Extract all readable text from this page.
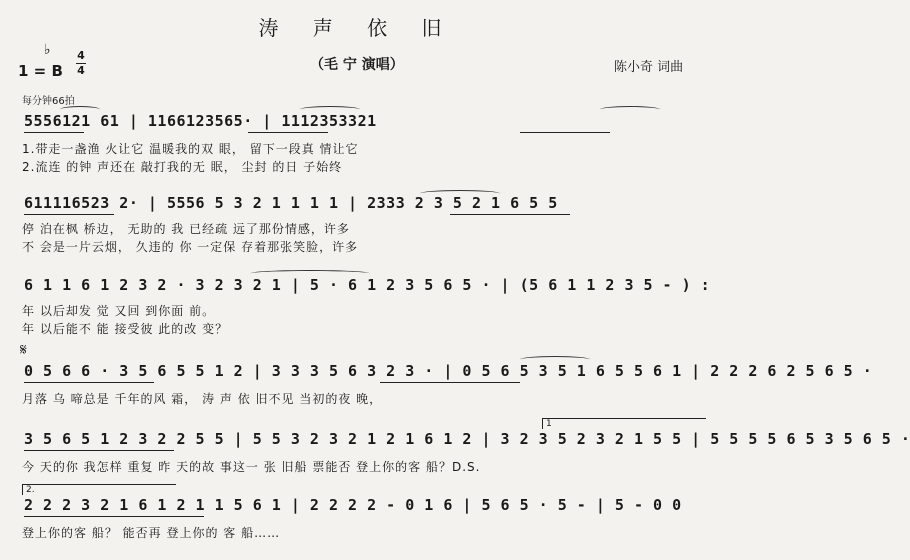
涛 声 依 旧
♭
1 = B
4
4	（毛 宁 演唱）	陈小奇 词曲
每分钟66拍
5556121 61 | 1166123565· | 1112353321
1.带走一盏渔 火让它 温暖我的双 眼， 留下一段真 情让它
2.流连 的钟 声还在 敲打我的无 眠， 尘封 的日 子始终
611116523 2· | 5556 5 3 2 1 1 1 1 | 2333 2 3 5 2 1 6 5 5
停 泊在枫 桥边， 无助的 我 已经疏 远了那份情感，许多
不 会是一片云烟， 久违的 你 一定保 存着那张笑脸，许多
6 1 1 6 1 2 3 2 · 3 2 3 2 1 | 5 · 6 1 2 3 5 6 5 · | (5 6 1 1 2 3 5 - ) :
年 以后却发 觉 又回 到你面 前。
年 以后能不 能 接受彼 此的改 变？
𝄋
0 5 6 6 · 3 5 6 5 5 1 2 | 3 3 3 5 6 3 2 3 · | 0 5 6 5 3 5 1 6 5 5 6 1 | 2 2 2 6 2 5 6 5 ·
月落 乌 啼总是 千年的风 霜， 涛 声 依 旧不见 当初的夜 晚，
1
3 5 6 5 1 2 3 2 2 5 5 | 5 5 3 2 3 2 1 2 1 6 1 2 | 3 2 3 5 2 3 2 1 5 5 | 5 5 5 5 6 5 3 5 6 5 ·
今 天的你 我怎样 重复 昨 天的故 事这一 张 旧船 票能否 登上你的客 船？D.S.
2.
2 2 2 3 2 1 6 1 2 1 1 5 6 1 | 2 2 2 2 - 0 1 6 | 5 6 5 · 5 - | 5 - 0 0
登上你的客 船？ 能否再 登上你的 客 船……
